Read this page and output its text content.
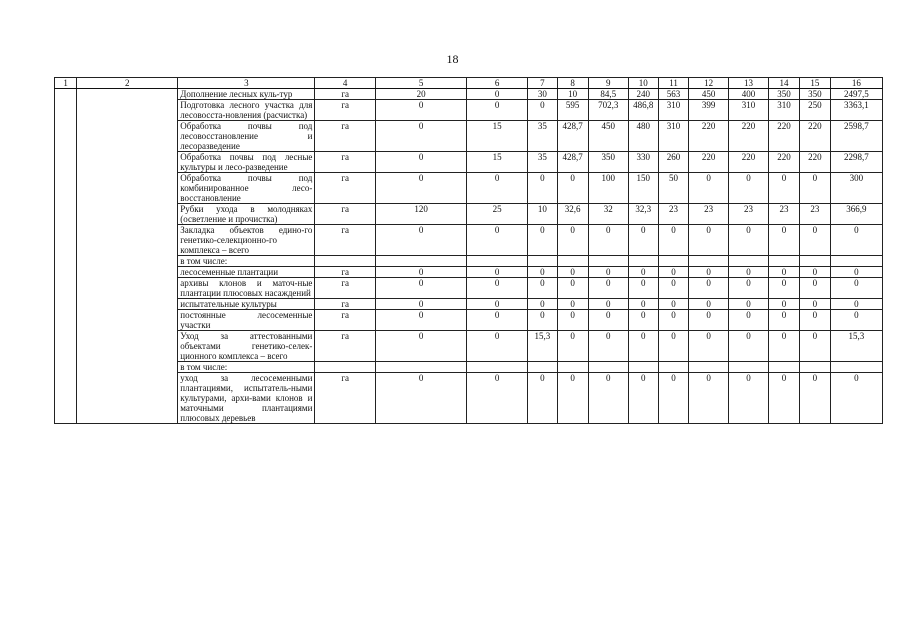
18
1	2	3	4	5	6	7	8	9	10	11	12	13	14	15	16
		Дополнение лесных куль-тур	га	20	0	30	10	84,5	240	563	450	400	350	350	2497,5
		Подготовка лесного участка для лесовосста-новления (расчистка)	га	0	0	0	595	702,3	486,8	310	399	310	310	250	3363,1
		Обработка почвы под лесовосстановление и лесоразведение	га	0	15	35	428,7	450	480	310	220	220	220	220	2598,7
		Обработка почвы под лесные культуры и лесо-разведение	га	0	15	35	428,7	350	330	260	220	220	220	220	2298,7
		Обработка почвы под комбинированное лесо-восстановление	га	0	0	0	0	100	150	50	0	0	0	0	300
		Рубки ухода в молодняках (осветление и прочистка)	га	120	25	10	32,6	32	32,3	23	23	23	23	23	366,9
		Закладка объектов едино-го генетико-селекционно-го комплекса – всего	га	0	0	0	0	0	0	0	0	0	0	0	0
		в том числе:													
		лесосеменные плантации	га	0	0	0	0	0	0	0	0	0	0	0	0
		архивы клонов и маточ-ные плантации плюсовых насаждений	га	0	0	0	0	0	0	0	0	0	0	0	0
		испытательные культуры	га	0	0	0	0	0	0	0	0	0	0	0	0
		постоянные лесосеменные участки	га	0	0	0	0	0	0	0	0	0	0	0	0
		Уход за аттестованными объектами генетико-селек-ционного комплекса – всего	га	0	0	15,3	0	0	0	0	0	0	0	0	15,3
		в том числе:													
		уход за лесосеменными плантациями, испытатель-ными культурами, архи-вами клонов и маточными плантациями плюсовых деревьев	га	0	0	0	0	0	0	0	0	0	0	0	0
